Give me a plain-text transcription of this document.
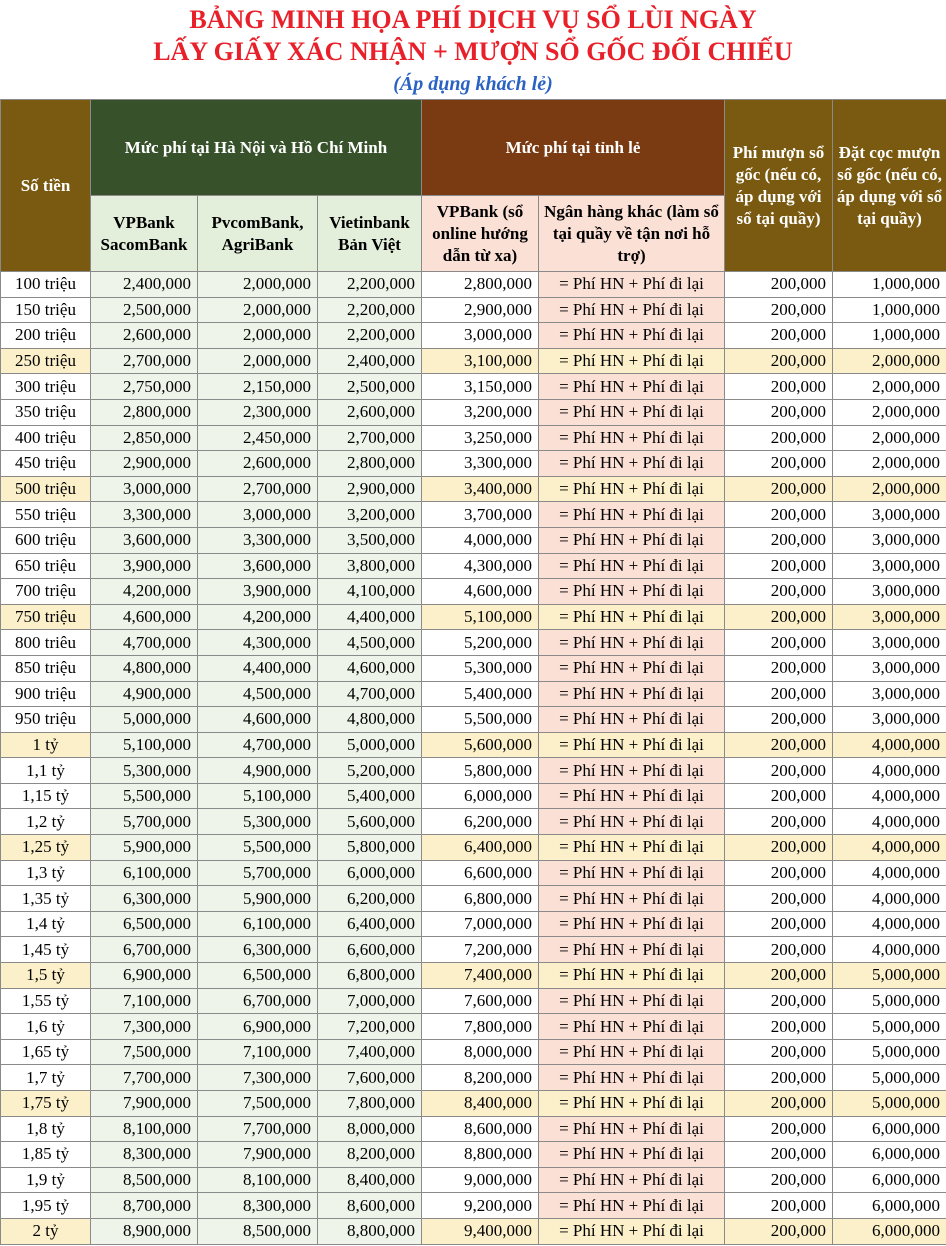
BẢNG MINH HỌA PHÍ DỊCH VỤ SỔ LÙI NGÀY
LẤY GIẤY XÁC NHẬN + MƯỢN SỔ GỐC ĐỐI CHIẾU
(Áp dụng khách lẻ)
Số tiền	Mức phí tại Hà Nội và Hồ Chí Minh			Mức phí tại tỉnh lẻ		Phí mượn sổ gốc (nếu có, áp dụng với sổ tại quầy)	Đặt cọc mượn sổ gốc (nếu có, áp dụng với sổ tại quầy)
	VPBank SacomBank	PvcomBank, AgriBank	Vietinbank Bản Việt	VPBank (sổ online hướng dẫn từ xa)	Ngân hàng khác (làm sổ tại quầy về tận nơi hỗ trợ)		
100 triệu	2,400,000	2,000,000	2,200,000	2,800,000	= Phí HN + Phí đi lại	200,000	1,000,000
150 triệu	2,500,000	2,000,000	2,200,000	2,900,000	= Phí HN + Phí đi lại	200,000	1,000,000
200 triệu	2,600,000	2,000,000	2,200,000	3,000,000	= Phí HN + Phí đi lại	200,000	1,000,000
250 triệu	2,700,000	2,000,000	2,400,000	3,100,000	= Phí HN + Phí đi lại	200,000	2,000,000
300 triệu	2,750,000	2,150,000	2,500,000	3,150,000	= Phí HN + Phí đi lại	200,000	2,000,000
350 triệu	2,800,000	2,300,000	2,600,000	3,200,000	= Phí HN + Phí đi lại	200,000	2,000,000
400 triệu	2,850,000	2,450,000	2,700,000	3,250,000	= Phí HN + Phí đi lại	200,000	2,000,000
450 triệu	2,900,000	2,600,000	2,800,000	3,300,000	= Phí HN + Phí đi lại	200,000	2,000,000
500 triệu	3,000,000	2,700,000	2,900,000	3,400,000	= Phí HN + Phí đi lại	200,000	2,000,000
550 triệu	3,300,000	3,000,000	3,200,000	3,700,000	= Phí HN + Phí đi lại	200,000	3,000,000
600 triệu	3,600,000	3,300,000	3,500,000	4,000,000	= Phí HN + Phí đi lại	200,000	3,000,000
650 triệu	3,900,000	3,600,000	3,800,000	4,300,000	= Phí HN + Phí đi lại	200,000	3,000,000
700 triệu	4,200,000	3,900,000	4,100,000	4,600,000	= Phí HN + Phí đi lại	200,000	3,000,000
750 triệu	4,600,000	4,200,000	4,400,000	5,100,000	= Phí HN + Phí đi lại	200,000	3,000,000
800 triêu	4,700,000	4,300,000	4,500,000	5,200,000	= Phí HN + Phí đi lại	200,000	3,000,000
850 triệu	4,800,000	4,400,000	4,600,000	5,300,000	= Phí HN + Phí đi lại	200,000	3,000,000
900 triệu	4,900,000	4,500,000	4,700,000	5,400,000	= Phí HN + Phí đi lại	200,000	3,000,000
950 triệu	5,000,000	4,600,000	4,800,000	5,500,000	= Phí HN + Phí đi lại	200,000	3,000,000
1 tỷ	5,100,000	4,700,000	5,000,000	5,600,000	= Phí HN + Phí đi lại	200,000	4,000,000
1,1 tỷ	5,300,000	4,900,000	5,200,000	5,800,000	= Phí HN + Phí đi lại	200,000	4,000,000
1,15 tỷ	5,500,000	5,100,000	5,400,000	6,000,000	= Phí HN + Phí đi lại	200,000	4,000,000
1,2 tỷ	5,700,000	5,300,000	5,600,000	6,200,000	= Phí HN + Phí đi lại	200,000	4,000,000
1,25 tỷ	5,900,000	5,500,000	5,800,000	6,400,000	= Phí HN + Phí đi lại	200,000	4,000,000
1,3 tỷ	6,100,000	5,700,000	6,000,000	6,600,000	= Phí HN + Phí đi lại	200,000	4,000,000
1,35 tỷ	6,300,000	5,900,000	6,200,000	6,800,000	= Phí HN + Phí đi lại	200,000	4,000,000
1,4 tỷ	6,500,000	6,100,000	6,400,000	7,000,000	= Phí HN + Phí đi lại	200,000	4,000,000
1,45 tỷ	6,700,000	6,300,000	6,600,000	7,200,000	= Phí HN + Phí đi lại	200,000	4,000,000
1,5 tỷ	6,900,000	6,500,000	6,800,000	7,400,000	= Phí HN + Phí đi lại	200,000	5,000,000
1,55 tỷ	7,100,000	6,700,000	7,000,000	7,600,000	= Phí HN + Phí đi lại	200,000	5,000,000
1,6 tỷ	7,300,000	6,900,000	7,200,000	7,800,000	= Phí HN + Phí đi lại	200,000	5,000,000
1,65 tỷ	7,500,000	7,100,000	7,400,000	8,000,000	= Phí HN + Phí đi lại	200,000	5,000,000
1,7 tỷ	7,700,000	7,300,000	7,600,000	8,200,000	= Phí HN + Phí đi lại	200,000	5,000,000
1,75 tỷ	7,900,000	7,500,000	7,800,000	8,400,000	= Phí HN + Phí đi lại	200,000	5,000,000
1,8 tỷ	8,100,000	7,700,000	8,000,000	8,600,000	= Phí HN + Phí đi lại	200,000	6,000,000
1,85 tỷ	8,300,000	7,900,000	8,200,000	8,800,000	= Phí HN + Phí đi lại	200,000	6,000,000
1,9 tỷ	8,500,000	8,100,000	8,400,000	9,000,000	= Phí HN + Phí đi lại	200,000	6,000,000
1,95 tỷ	8,700,000	8,300,000	8,600,000	9,200,000	= Phí HN + Phí đi lại	200,000	6,000,000
2 tỷ	8,900,000	8,500,000	8,800,000	9,400,000	= Phí HN + Phí đi lại	200,000	6,000,000
